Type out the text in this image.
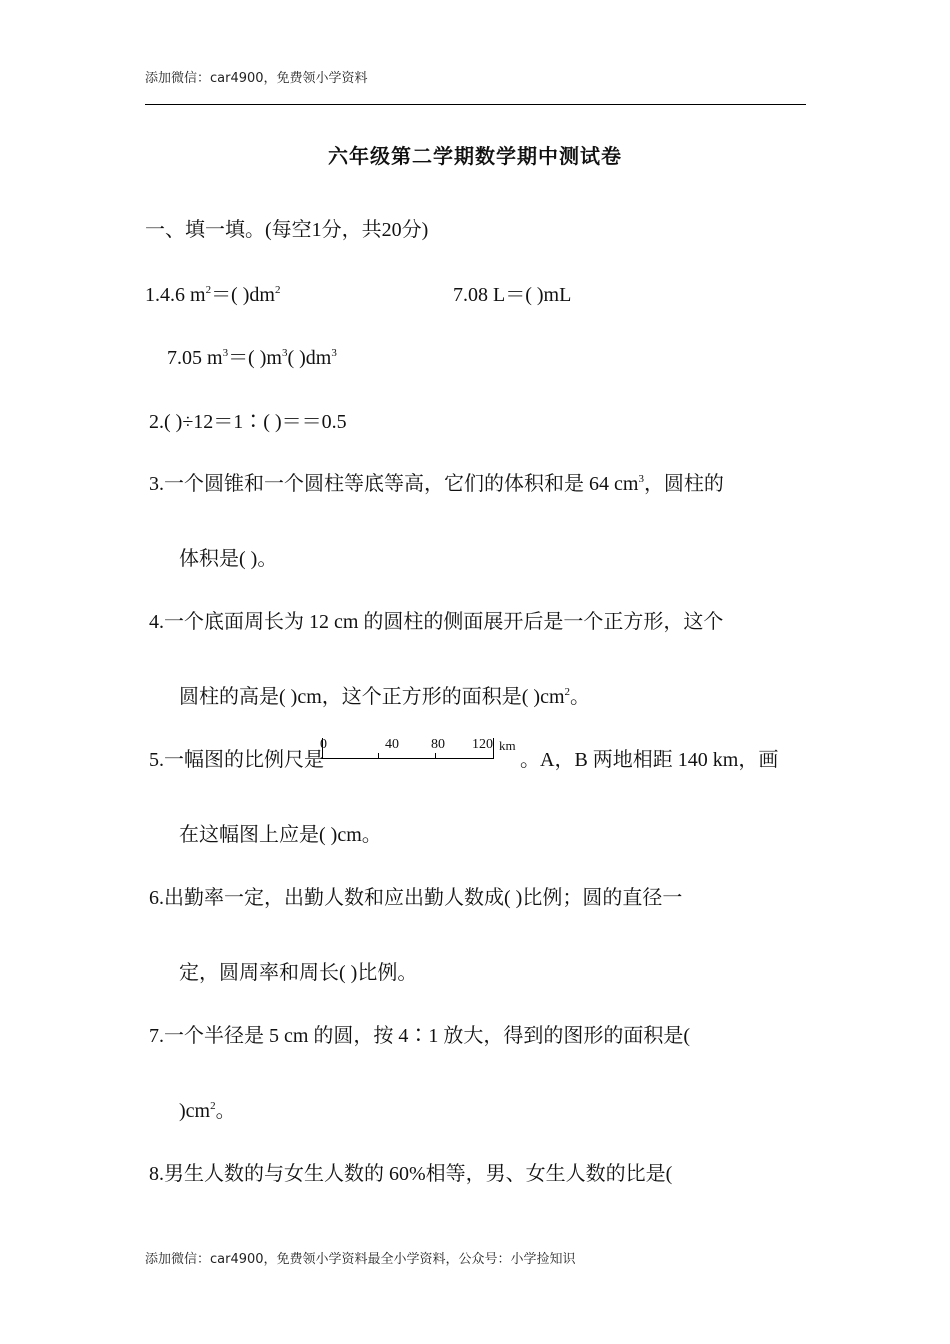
添加微信：car4900，免费领小学资料
六年级第二学期数学期中测试卷
一、填一填。(每空1分，共20分)
1.4.6 $m^2=$( )$dm^2$	7.08 L＝( )mL
7.05 $m^3=$( )$m^3$( )$dm^3$
2.( )÷12＝1∶( )＝＝0.5
3.一个圆锥和一个圆柱等底等高，它们的体积和是 64 $cm^3$，圆柱的
体积是( )。
4.一个底面周长为 12 cm 的圆柱的侧面展开后是一个正方形，这个
圆柱的高是( )cm，这个正方形的面积是( )$cm^2$。
5.一幅图的比例尺是
0	40 80 120 km
。A，B 两地相距 140 km，画
在这幅图上应是( )cm。
6.出勤率一定，出勤人数和应出勤人数成( )比例；圆的直径一
定，圆周率和周长( )比例。
7.一个半径是 5 cm 的圆，按 4∶1 放大，得到的图形的面积是(
)$cm^2$。
8.男生人数的与女生人数的 60%相等，男、女生人数的比是(
添加微信：car4900，免费领小学资料最全小学资料，公众号：小学捡知识
